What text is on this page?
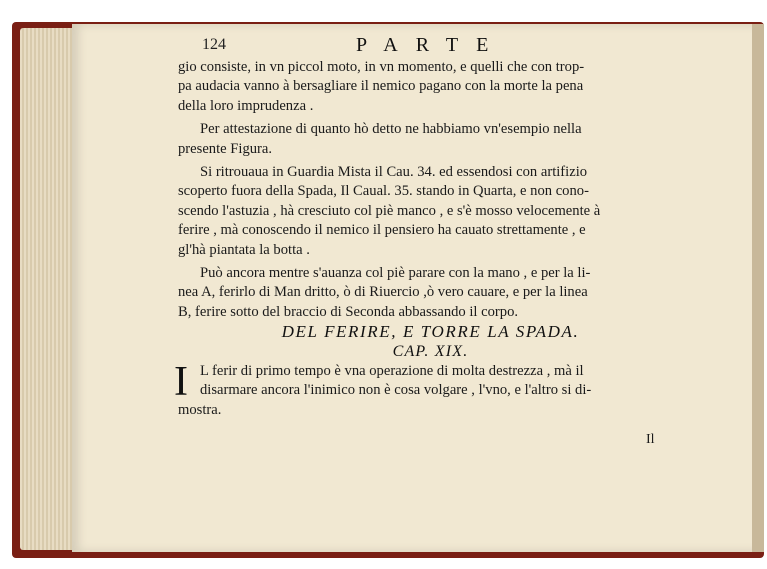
124	PARTE
gio consiste, in vn piccol moto, in vn momento, e quelli che con trop-
pa audacia vanno à bersagliare il nemico pagano con la morte la pena
della loro imprudenza .
Per attestazione di quanto hò detto ne habbiamo vn'esempio nella
presente Figura.
Si ritrouaua in Guardia Mista il Cau. 34. ed essendosi con artifizio
scoperto fuora della Spada, Il Caual. 35. stando in Quarta, e non cono-
scendo l'astuzia , hà cresciuto col piè manco , e s'è mosso velocemente à
ferire , mà conoscendo il nemico il pensiero ha cauato strettamente , e
gl'hà piantata la botta .
Può ancora mentre s'auanza col piè parare con la mano , e per la li-
nea A, ferirlo di Man dritto, ò di Riuercio ,ò vero cauare, e per la linea
B, ferire sotto del braccio di Seconda abbassando il corpo.
DEL FERIRE, E TORRE LA SPADA.
CAP. XIX.
I L ferir di primo tempo è vna operazione di molta destrezza , mà il
disarmare ancora l'inimico non è cosa volgare , l'vno, e l'altro si di-
mostra.
Il
